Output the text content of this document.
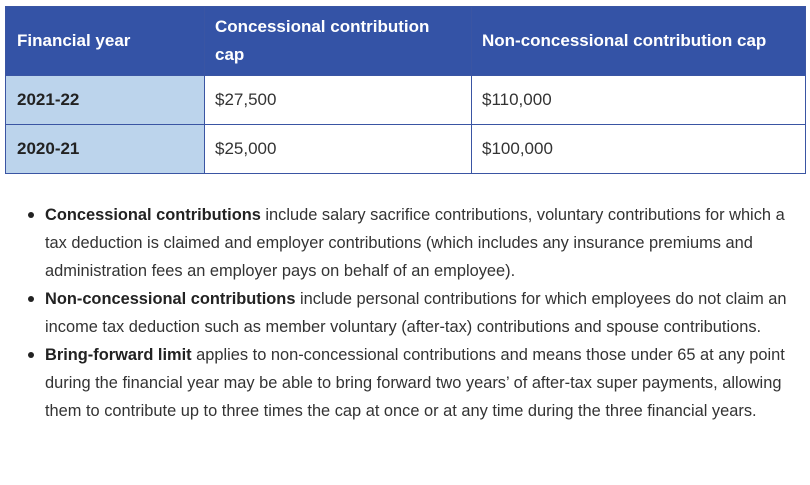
Financial year	Concessional contribution cap	Non-concessional contribution cap
2021-22	$27,500	$110,000
2020-21	$25,000	$100,000
Concessional contributions include salary sacrifice contributions, voluntary contributions for which a tax deduction is claimed and employer contributions (which includes any insurance premiums and administration fees an employer pays on behalf of an employee).
Non-concessional contributions include personal contributions for which employees do not claim an income tax deduction such as member voluntary (after-tax) contributions and spouse contributions.
Bring-forward limit applies to non-concessional contributions and means those under 65 at any point during the financial year may be able to bring forward two years’ of after-tax super payments, allowing them to contribute up to three times the cap at once or at any time during the three financial years.
